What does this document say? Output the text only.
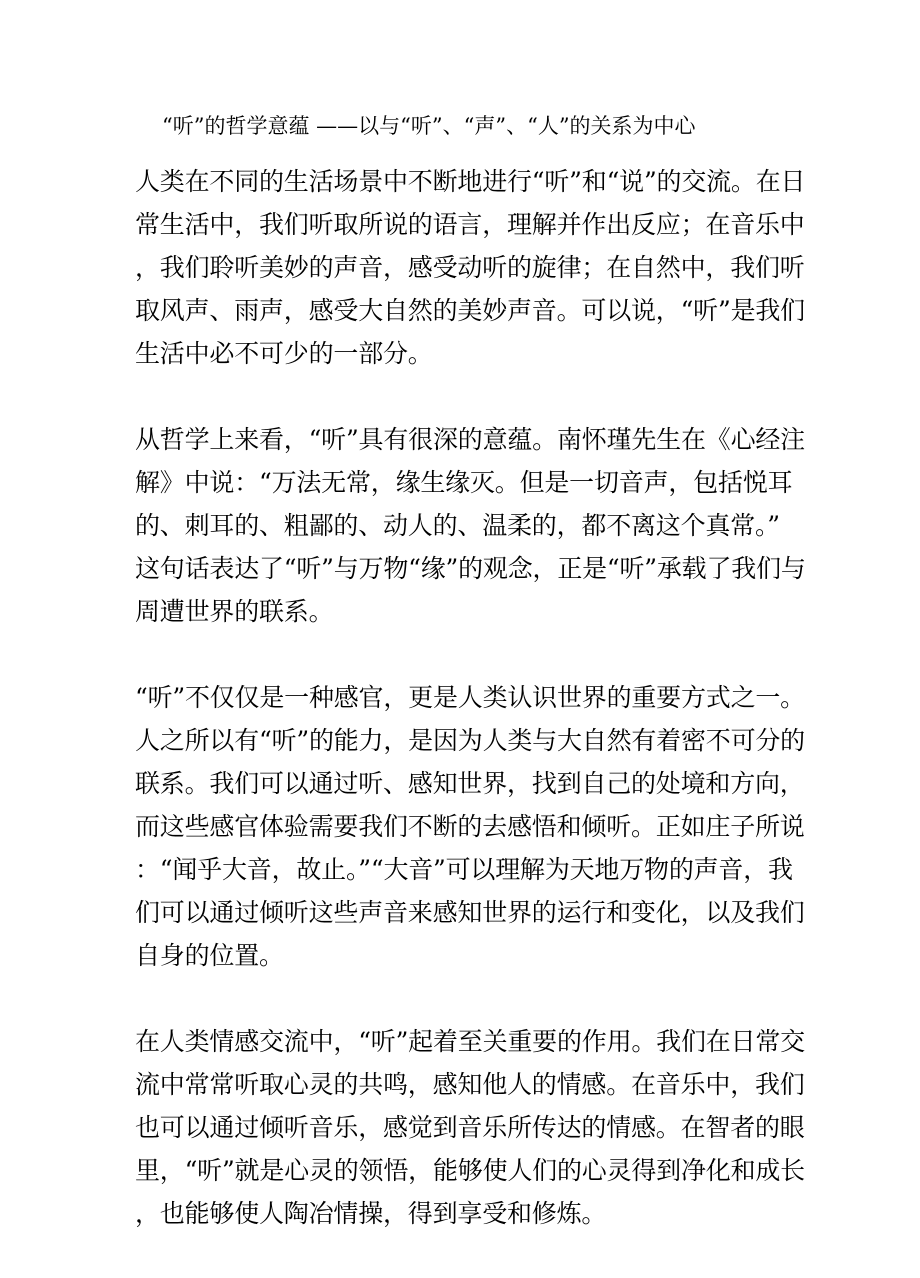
“听”的哲学意蕴 ——以与“听”、“声”、“人”的关系为中心
人类在不同的生活场景中不断地进行“听”和“说”的交流。在日
常生活中，我们听取所说的语言，理解并作出反应；在音乐中
，我们聆听美妙的声音，感受动听的旋律；在自然中，我们听
取风声、雨声，感受大自然的美妙声音。可以说，“听”是我们
生活中必不可少的一部分。
从哲学上来看，“听”具有很深的意蕴。南怀瑾先生在《心经注
解》中说：“万法无常，缘生缘灭。但是一切音声，包括悦耳
的、刺耳的、粗鄙的、动人的、温柔的，都不离这个真常。”
这句话表达了“听”与万物“缘”的观念，正是“听”承载了我们与
周遭世界的联系。
“听”不仅仅是一种感官，更是人类认识世界的重要方式之一。
人之所以有“听”的能力，是因为人类与大自然有着密不可分的
联系。我们可以通过听、感知世界，找到自己的处境和方向，
而这些感官体验需要我们不断的去感悟和倾听。正如庄子所说
：“闻乎大音，故止。”“大音”可以理解为天地万物的声音，我
们可以通过倾听这些声音来感知世界的运行和变化，以及我们
自身的位置。
在人类情感交流中，“听”起着至关重要的作用。我们在日常交
流中常常听取心灵的共鸣，感知他人的情感。在音乐中，我们
也可以通过倾听音乐，感觉到音乐所传达的情感。在智者的眼
里，“听”就是心灵的领悟，能够使人们的心灵得到净化和成长
，也能够使人陶冶情操，得到享受和修炼。
